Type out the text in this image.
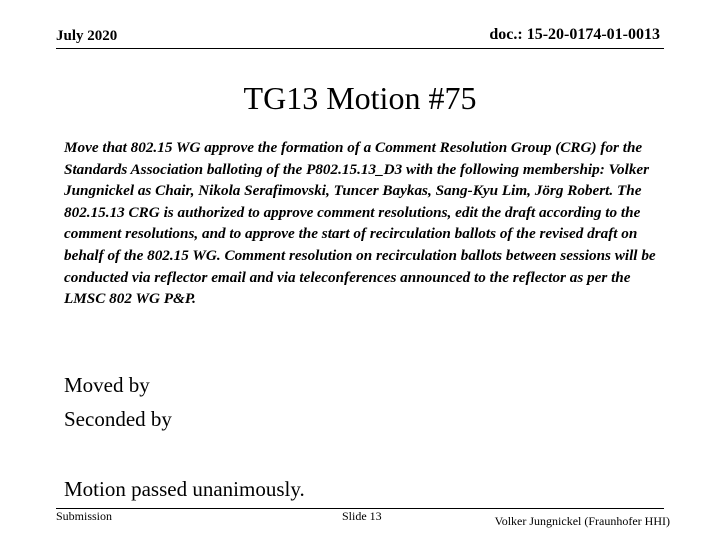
July 2020	doc.: 15-20-0174-01-0013
TG13 Motion #75

Move that 802.15 WG approve the formation of a Comment Resolution Group (CRG) for the Standards Association balloting of the P802.15.13_D3 with the following membership: Volker Jungnickel as Chair, Nikola Serafimovski, Tuncer Baykas, Sang-Kyu Lim, Jörg Robert. The 802.15.13 CRG is authorized to approve comment resolutions, edit the draft according to the comment resolutions, and to approve the start of recirculation ballots of the revised draft on behalf of the 802.15 WG. Comment resolution on recirculation ballots between sessions will be conducted via reflector email and via teleconferences announced to the reflector as per the LMSC 802 WG P&P.

Moved by

Seconded by

Motion passed unanimously.

Submission	Slide 13	Volker Jungnickel (Fraunhofer HHI)
